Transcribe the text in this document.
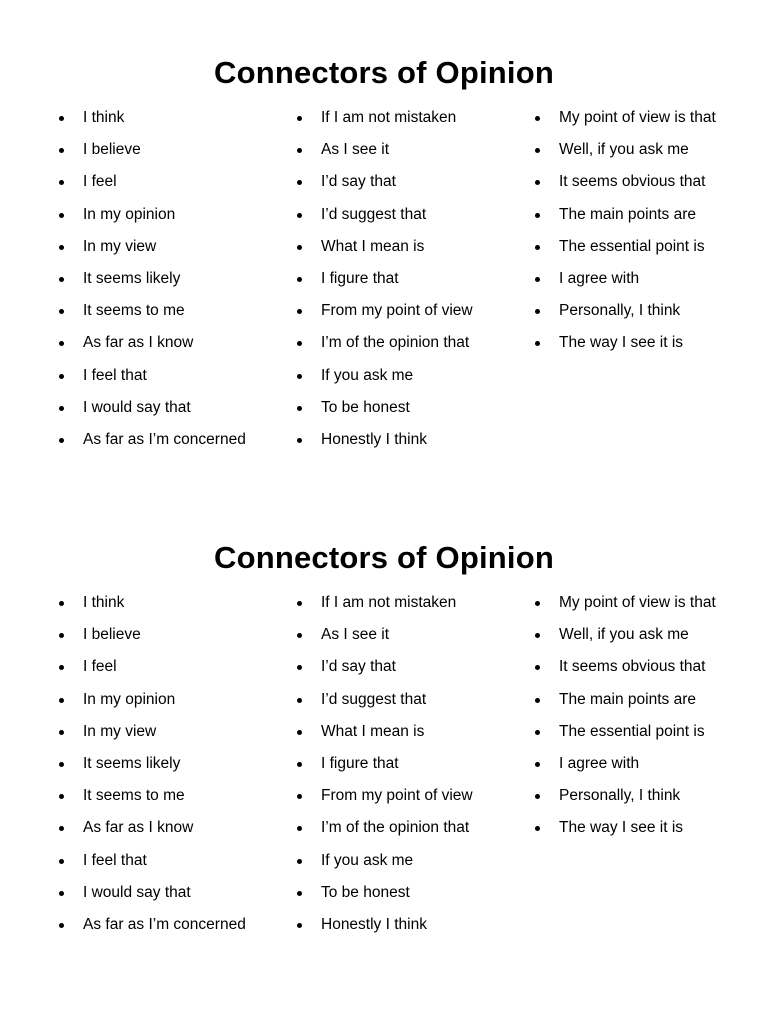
Connectors of Opinion
I think
I believe
I feel
In my opinion
In my view
It seems likely
It seems to me
As far as I know
I feel that
I would say that
As far as I’m concerned
If I am not mistaken
As I see it
I’d say that
I’d suggest that
What I mean is
I figure that
From my point of view
I’m of the opinion that
If you ask me
To be honest
Honestly I think
My point of view is that
Well, if you ask me
It seems obvious that
The main points are
The essential point is
I agree with
Personally, I think
The way I see it is
Connectors of Opinion
I think
I believe
I feel
In my opinion
In my view
It seems likely
It seems to me
As far as I know
I feel that
I would say that
As far as I’m concerned
If I am not mistaken
As I see it
I’d say that
I’d suggest that
What I mean is
I figure that
From my point of view
I’m of the opinion that
If you ask me
To be honest
Honestly I think
My point of view is that
Well, if you ask me
It seems obvious that
The main points are
The essential point is
I agree with
Personally, I think
The way I see it is
